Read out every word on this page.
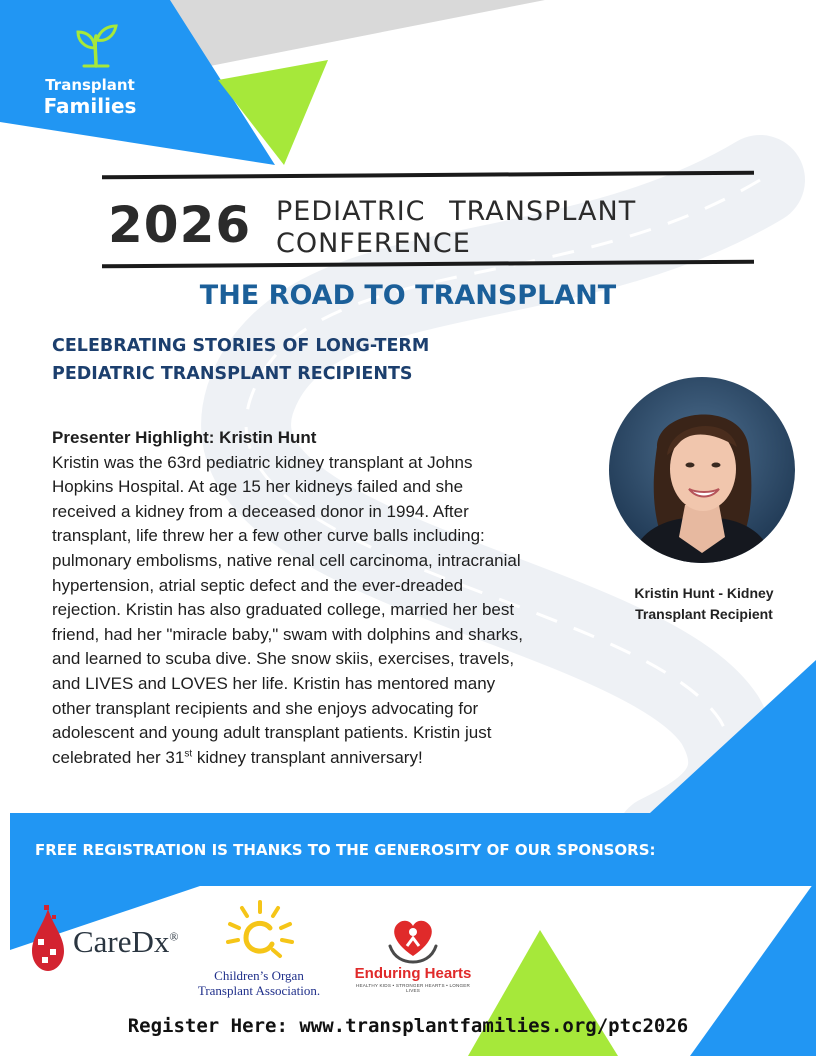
Transplant
Families
2026 PEDIATRIC TRANSPLANT
CONFERENCE
THE ROAD TO TRANSPLANT
CELEBRATING STORIES OF LONG-TERM
PEDIATRIC TRANSPLANT RECIPIENTS
Presenter Highlight: Kristin Hunt
Kristin was the 63rd pediatric kidney transplant at Johns
Hopkins Hospital. At age 15 her kidneys failed and she
received a kidney from a deceased donor in 1994. After
transplant, life threw her a few other curve balls including:
pulmonary embolisms, native renal cell carcinoma, intracranial
hypertension, atrial septic defect and the ever-dreaded
rejection. Kristin has also graduated college, married her best
friend, had her "miracle baby," swam with dolphins and sharks,
and learned to scuba dive. She snow skiis, exercises, travels,
and LIVES and LOVES her life. Kristin has mentored many
other transplant recipients and she enjoys advocating for
adolescent and young adult transplant patients. Kristin just
celebrated her 31st kidney transplant anniversary!
Kristin Hunt - Kidney
Transplant Recipient
FREE REGISTRATION IS THANKS TO THE GENEROSITY OF OUR SPONSORS:
CareDx®
Children’s Organ
Transplant Association.
Enduring Hearts
HEALTHY KIDS • STRONGER HEARTS • LONGER LIVES
Register Here: www.transplantfamilies.org/ptc2026
